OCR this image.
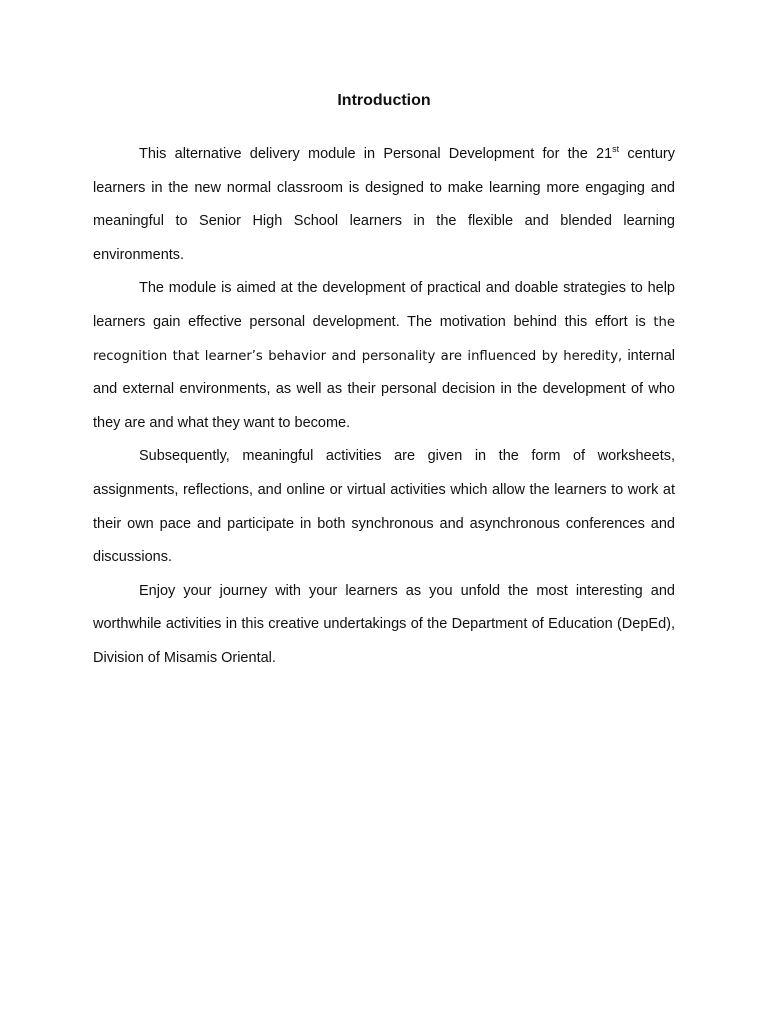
Introduction

This alternative delivery module in Personal Development for the 21st century learners in the new normal classroom is designed to make learning more engaging and meaningful to Senior High School learners in the flexible and blended learning environments.

The module is aimed at the development of practical and doable strategies to help learners gain effective personal development. The motivation behind this effort is the recognition that learner’s behavior and personality are influenced by heredity, internal and external environments, as well as their personal decision in the development of who they are and what they want to become.

Subsequently, meaningful activities are given in the form of worksheets, assignments, reflections, and online or virtual activities which allow the learners to work at their own pace and participate in both synchronous and asynchronous conferences and discussions.

Enjoy your journey with your learners as you unfold the most interesting and worthwhile activities in this creative undertakings of the Department of Education (DepEd), Division of Misamis Oriental.
